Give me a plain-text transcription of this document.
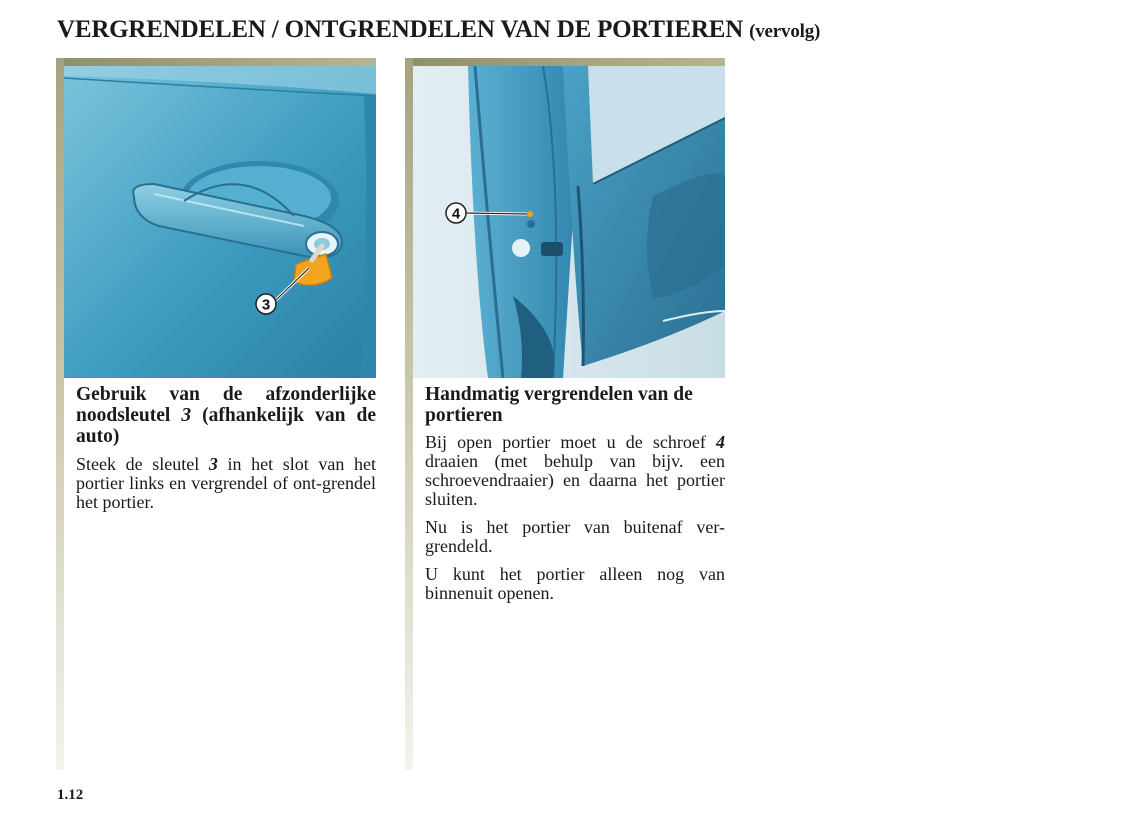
VERGRENDELEN / ONTGRENDELEN VAN DE PORTIEREN (vervolg)
3
Gebruik van de afzonderlijke noodsleutel 3 (afhankelijk van de auto)
Steek de sleutel 3 in het slot van het portier links en vergrendel of ont-grendel het portier.
4
Handmatig vergrendelen van de portieren
Bij open portier moet u de schroef 4 draaien (met behulp van bijv. een schroevendraaier) en daarna het portier sluiten.
Nu is het portier van buitenaf ver-grendeld.
U kunt het portier alleen nog van binnenuit openen.
1.12
